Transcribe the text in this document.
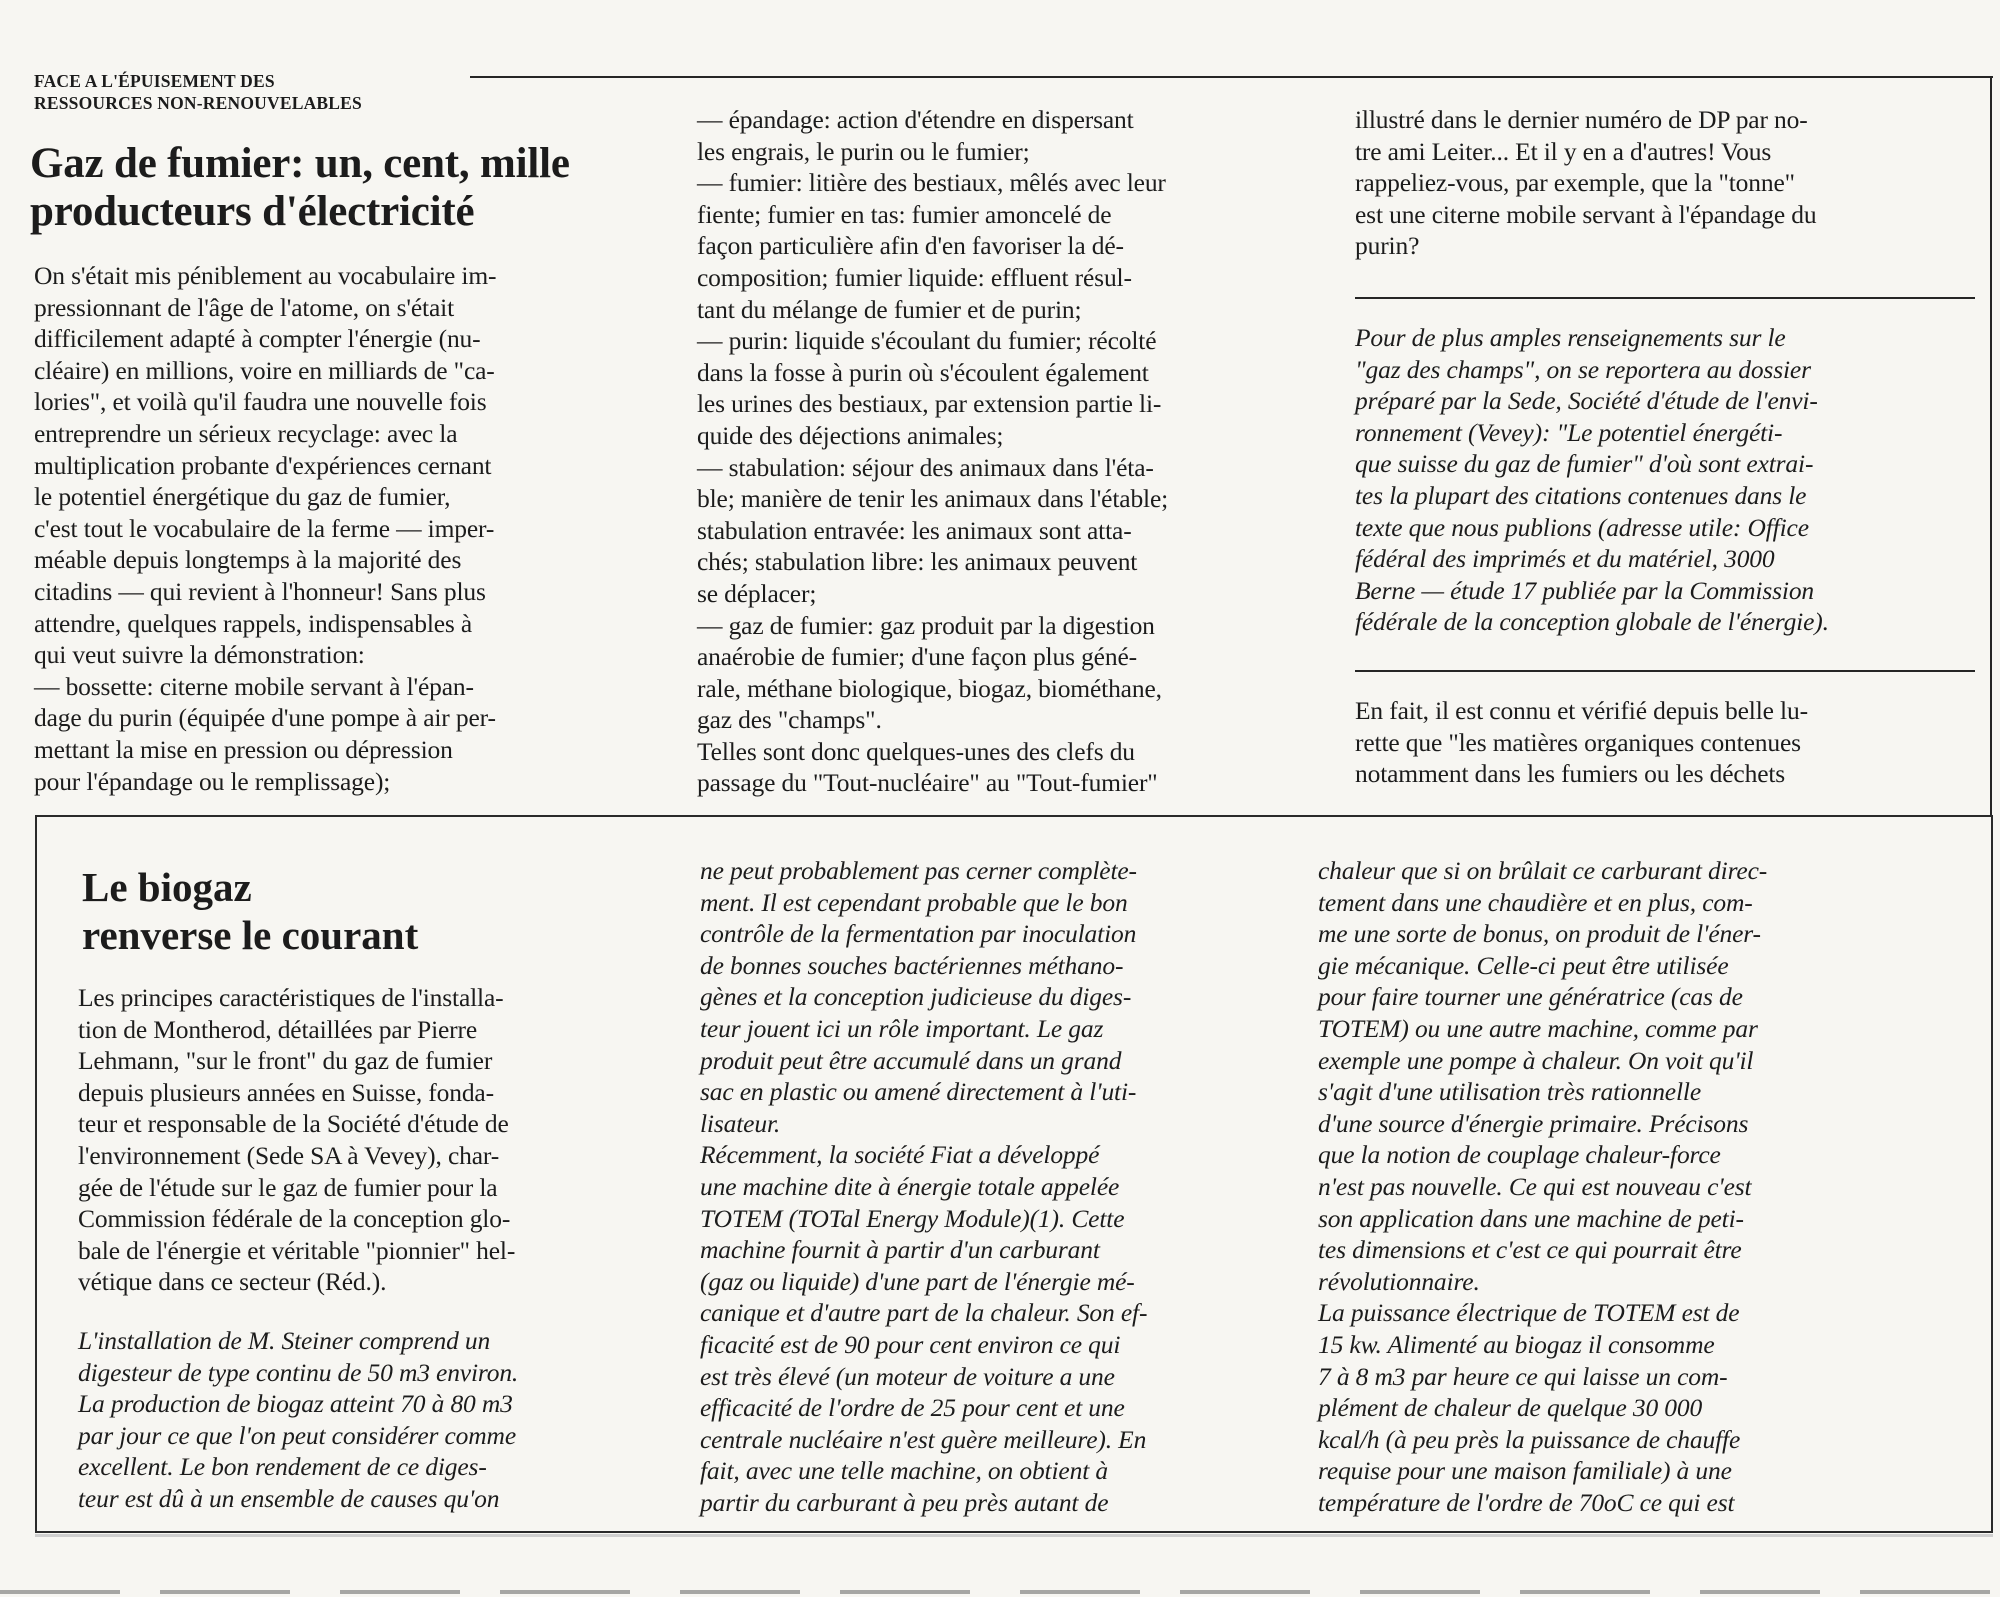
FACE A L'ÉPUISEMENT DES
RESSOURCES NON-RENOUVELABLES
Gaz de fumier: un, cent, mille
producteurs d'électricité
On s'était mis péniblement au vocabulaire im-
pressionnant de l'âge de l'atome, on s'était
difficilement adapté à compter l'énergie (nu-
cléaire) en millions, voire en milliards de "ca-
lories", et voilà qu'il faudra une nouvelle fois
entreprendre un sérieux recyclage: avec la
multiplication probante d'expériences cernant
le potentiel énergétique du gaz de fumier,
c'est tout le vocabulaire de la ferme — imper-
méable depuis longtemps à la majorité des
citadins — qui revient à l'honneur! Sans plus
attendre, quelques rappels, indispensables à
qui veut suivre la démonstration:
— bossette: citerne mobile servant à l'épan-
dage du purin (équipée d'une pompe à air per-
mettant la mise en pression ou dépression
pour l'épandage ou le remplissage);
— épandage: action d'étendre en dispersant
les engrais, le purin ou le fumier;
— fumier: litière des bestiaux, mêlés avec leur
fiente; fumier en tas: fumier amoncelé de
façon particulière afin d'en favoriser la dé-
composition; fumier liquide: effluent résul-
tant du mélange de fumier et de purin;
— purin: liquide s'écoulant du fumier; récolté
dans la fosse à purin où s'écoulent également
les urines des bestiaux, par extension partie li-
quide des déjections animales;
— stabulation: séjour des animaux dans l'éta-
ble; manière de tenir les animaux dans l'étable;
stabulation entravée: les animaux sont atta-
chés; stabulation libre: les animaux peuvent
se déplacer;
— gaz de fumier: gaz produit par la digestion
anaérobie de fumier; d'une façon plus géné-
rale, méthane biologique, biogaz, biométhane,
gaz des "champs".
Telles sont donc quelques-unes des clefs du
passage du "Tout-nucléaire" au "Tout-fumier"
illustré dans le dernier numéro de DP par no-
tre ami Leiter... Et il y en a d'autres! Vous
rappeliez-vous, par exemple, que la "tonne"
est une citerne mobile servant à l'épandage du
purin?
Pour de plus amples renseignements sur le
"gaz des champs", on se reportera au dossier
préparé par la Sede, Société d'étude de l'envi-
ronnement (Vevey): "Le potentiel énergéti-
que suisse du gaz de fumier" d'où sont extrai-
tes la plupart des citations contenues dans le
texte que nous publions (adresse utile: Office
fédéral des imprimés et du matériel, 3000
Berne — étude 17 publiée par la Commission
fédérale de la conception globale de l'énergie).
En fait, il est connu et vérifié depuis belle lu-
rette que "les matières organiques contenues
notamment dans les fumiers ou les déchets
Le biogaz
renverse le courant
Les principes caractéristiques de l'installa-
tion de Montherod, détaillées par Pierre
Lehmann, "sur le front" du gaz de fumier
depuis plusieurs années en Suisse, fonda-
teur et responsable de la Société d'étude de
l'environnement (Sede SA à Vevey), char-
gée de l'étude sur le gaz de fumier pour la
Commission fédérale de la conception glo-
bale de l'énergie et véritable "pionnier" hel-
vétique dans ce secteur (Réd.).
L'installation de M. Steiner comprend un
digesteur de type continu de 50 m3 environ.
La production de biogaz atteint 70 à 80 m3
par jour ce que l'on peut considérer comme
excellent. Le bon rendement de ce diges-
teur est dû à un ensemble de causes qu'on
ne peut probablement pas cerner complète-
ment. Il est cependant probable que le bon
contrôle de la fermentation par inoculation
de bonnes souches bactériennes méthano-
gènes et la conception judicieuse du diges-
teur jouent ici un rôle important. Le gaz
produit peut être accumulé dans un grand
sac en plastic ou amené directement à l'uti-
lisateur.
Récemment, la société Fiat a développé
une machine dite à énergie totale appelée
TOTEM (TOTal Energy Module)(1). Cette
machine fournit à partir d'un carburant
(gaz ou liquide) d'une part de l'énergie mé-
canique et d'autre part de la chaleur. Son ef-
ficacité est de 90 pour cent environ ce qui
est très élevé (un moteur de voiture a une
efficacité de l'ordre de 25 pour cent et une
centrale nucléaire n'est guère meilleure). En
fait, avec une telle machine, on obtient à
partir du carburant à peu près autant de
chaleur que si on brûlait ce carburant direc-
tement dans une chaudière et en plus, com-
me une sorte de bonus, on produit de l'éner-
gie mécanique. Celle-ci peut être utilisée
pour faire tourner une génératrice (cas de
TOTEM) ou une autre machine, comme par
exemple une pompe à chaleur. On voit qu'il
s'agit d'une utilisation très rationnelle
d'une source d'énergie primaire. Précisons
que la notion de couplage chaleur-force
n'est pas nouvelle. Ce qui est nouveau c'est
son application dans une machine de peti-
tes dimensions et c'est ce qui pourrait être
révolutionnaire.
La puissance électrique de TOTEM est de
15 kw. Alimenté au biogaz il consomme
7 à 8 m3 par heure ce qui laisse un com-
plément de chaleur de quelque 30 000
kcal/h (à peu près la puissance de chauffe
requise pour une maison familiale) à une
température de l'ordre de 70oC ce qui est
